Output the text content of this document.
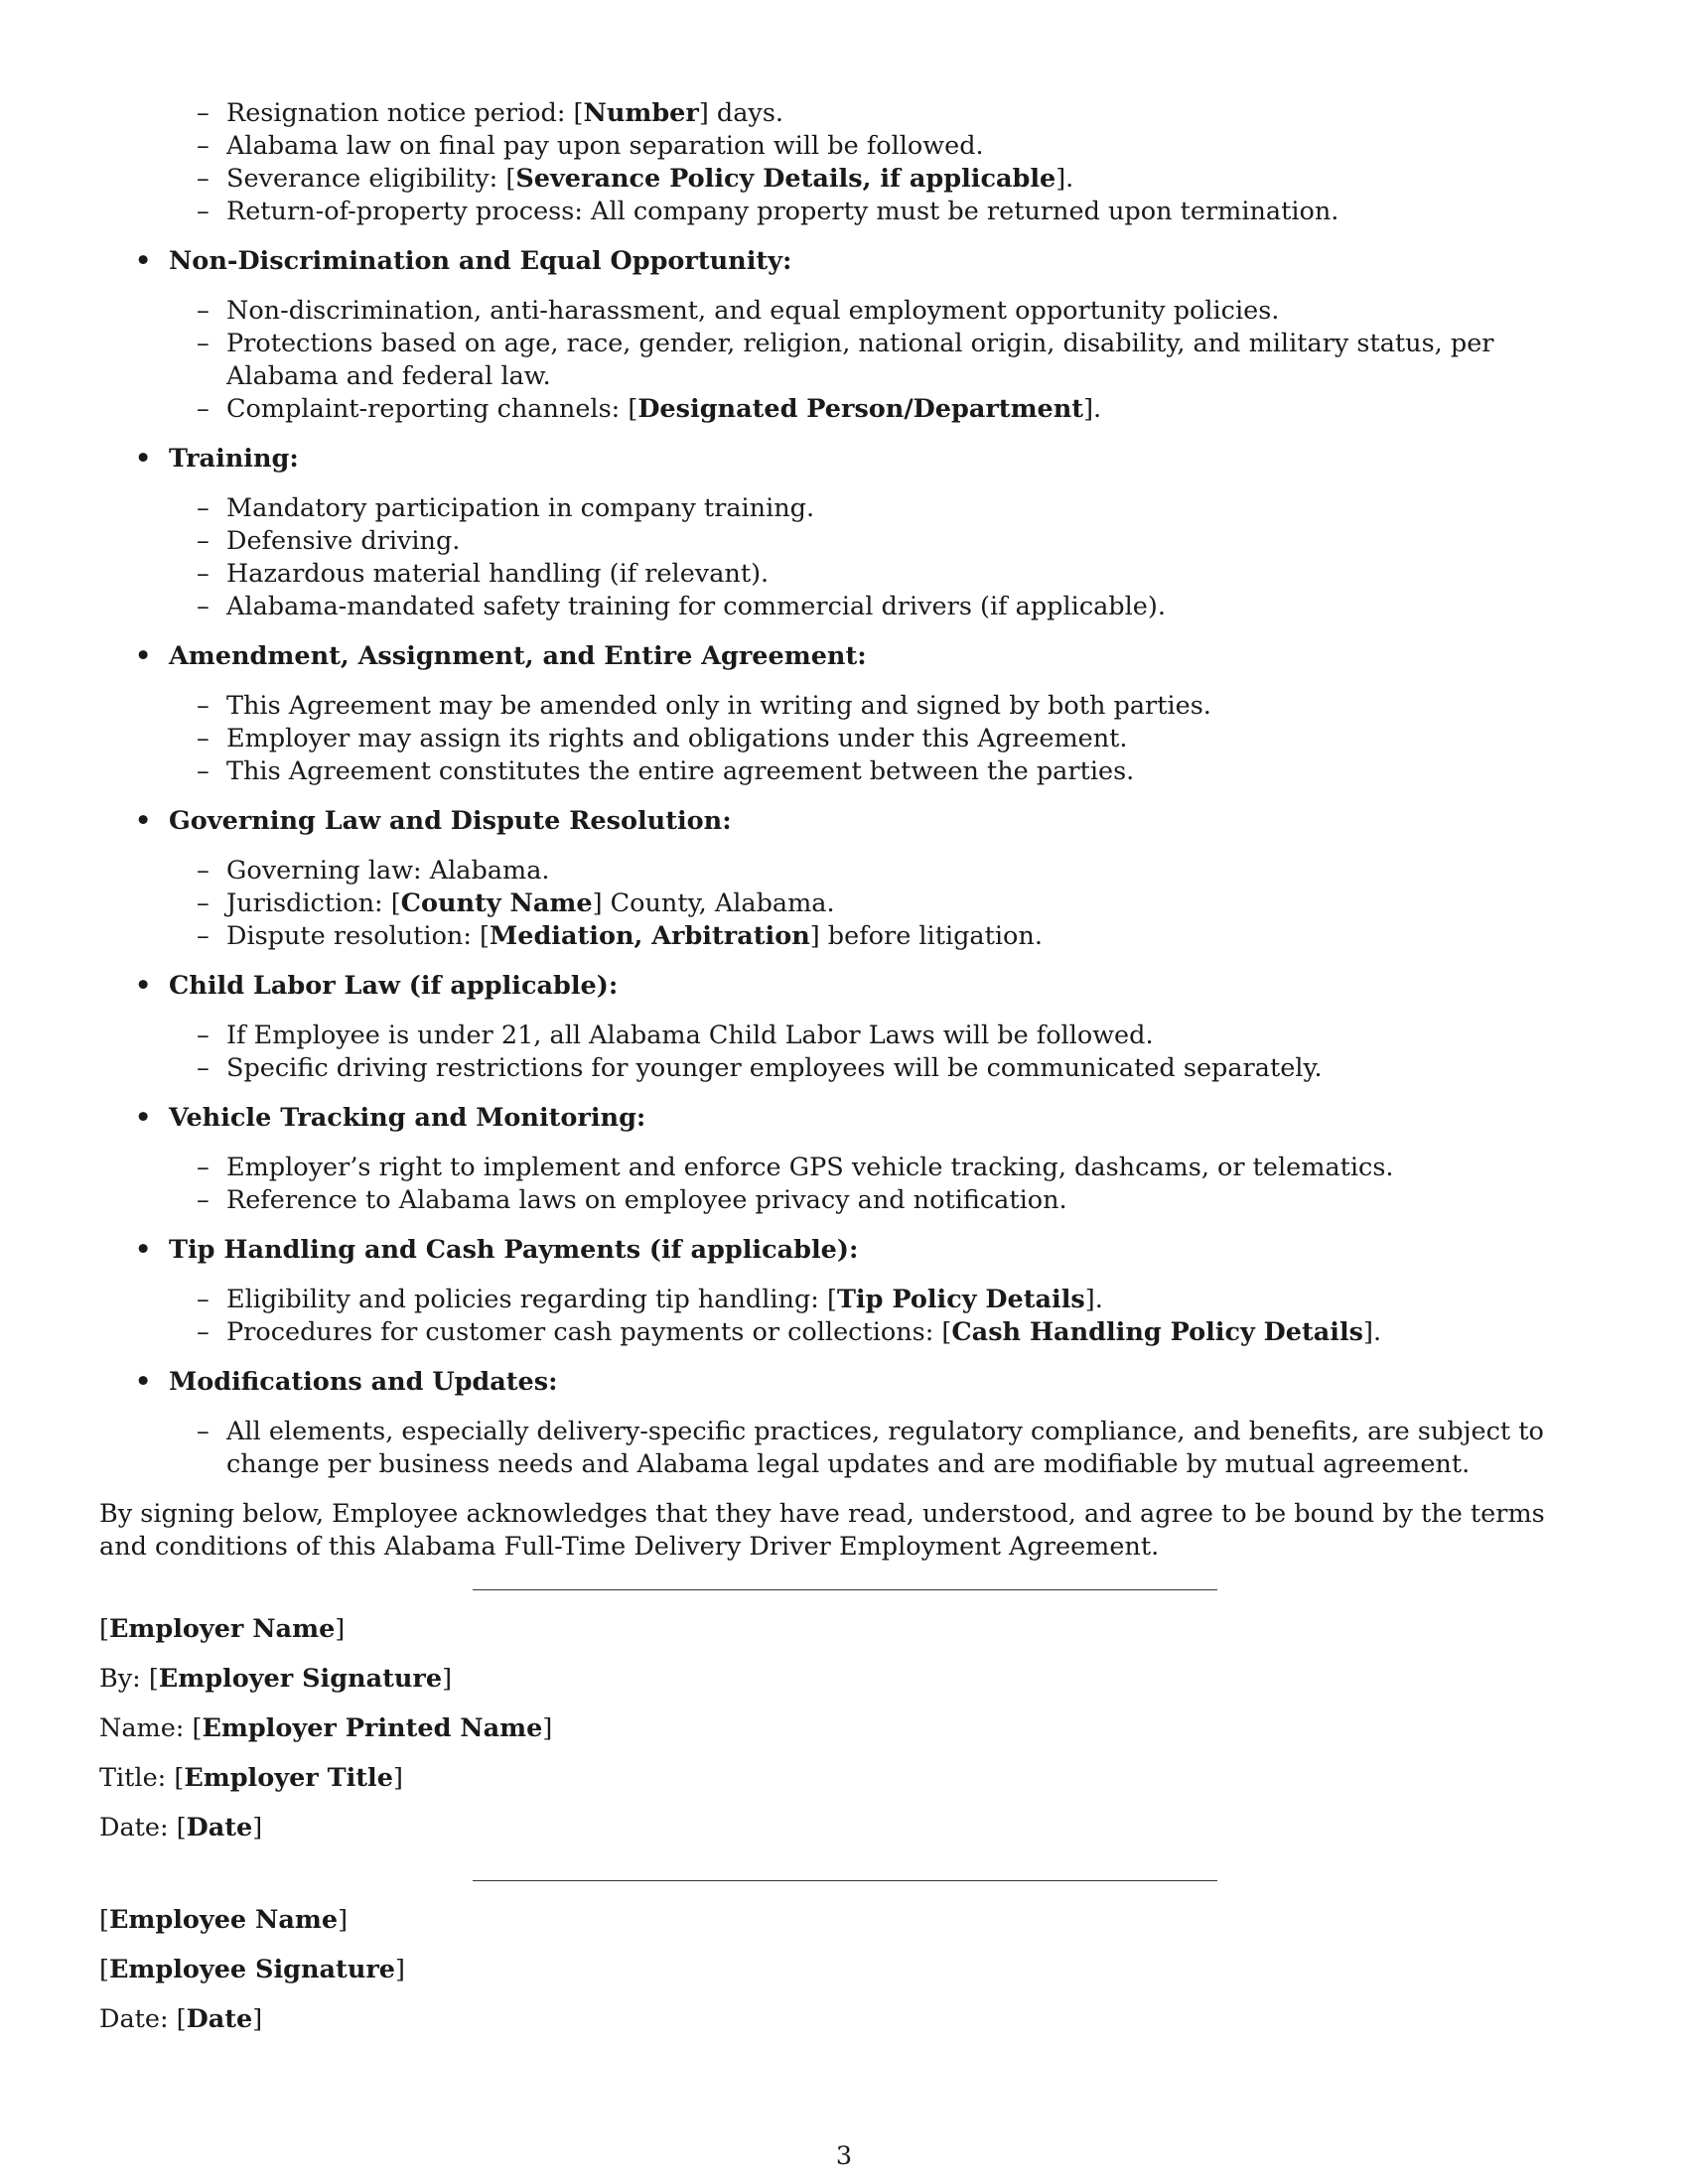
– Resignation notice period: [Number] days.
– Alabama law on final pay upon separation will be followed.
– Severance eligibility: [Severance Policy Details, if applicable].
– Return-of-property process: All company property must be returned upon termination.
• Non-Discrimination and Equal Opportunity:
– Non-discrimination, anti-harassment, and equal employment opportunity policies.
– Protections based on age, race, gender, religion, national origin, disability, and military status, per Alabama and federal law.
– Complaint-reporting channels: [Designated Person/Department].
• Training:
– Mandatory participation in company training.
– Defensive driving.
– Hazardous material handling (if relevant).
– Alabama-mandated safety training for commercial drivers (if applicable).
• Amendment, Assignment, and Entire Agreement:
– This Agreement may be amended only in writing and signed by both parties.
– Employer may assign its rights and obligations under this Agreement.
– This Agreement constitutes the entire agreement between the parties.
• Governing Law and Dispute Resolution:
– Governing law: Alabama.
– Jurisdiction: [County Name] County, Alabama.
– Dispute resolution: [Mediation, Arbitration] before litigation.
• Child Labor Law (if applicable):
– If Employee is under 21, all Alabama Child Labor Laws will be followed.
– Specific driving restrictions for younger employees will be communicated separately.
• Vehicle Tracking and Monitoring:
– Employer’s right to implement and enforce GPS vehicle tracking, dashcams, or telematics.
– Reference to Alabama laws on employee privacy and notification.
• Tip Handling and Cash Payments (if applicable):
– Eligibility and policies regarding tip handling: [Tip Policy Details].
– Procedures for customer cash payments or collections: [Cash Handling Policy Details].
• Modifications and Updates:
– All elements, especially delivery-specific practices, regulatory compliance, and benefits, are subject to change per business needs and Alabama legal updates and are modifiable by mutual agreement.

By signing below, Employee acknowledges that they have read, understood, and agree to be bound by the terms and conditions of this Alabama Full-Time Delivery Driver Employment Agreement.

[Employer Name]
By: [Employer Signature]
Name: [Employer Printed Name]
Title: [Employer Title]
Date: [Date]
[Employee Name]
[Employee Signature]
Date: [Date]
3
